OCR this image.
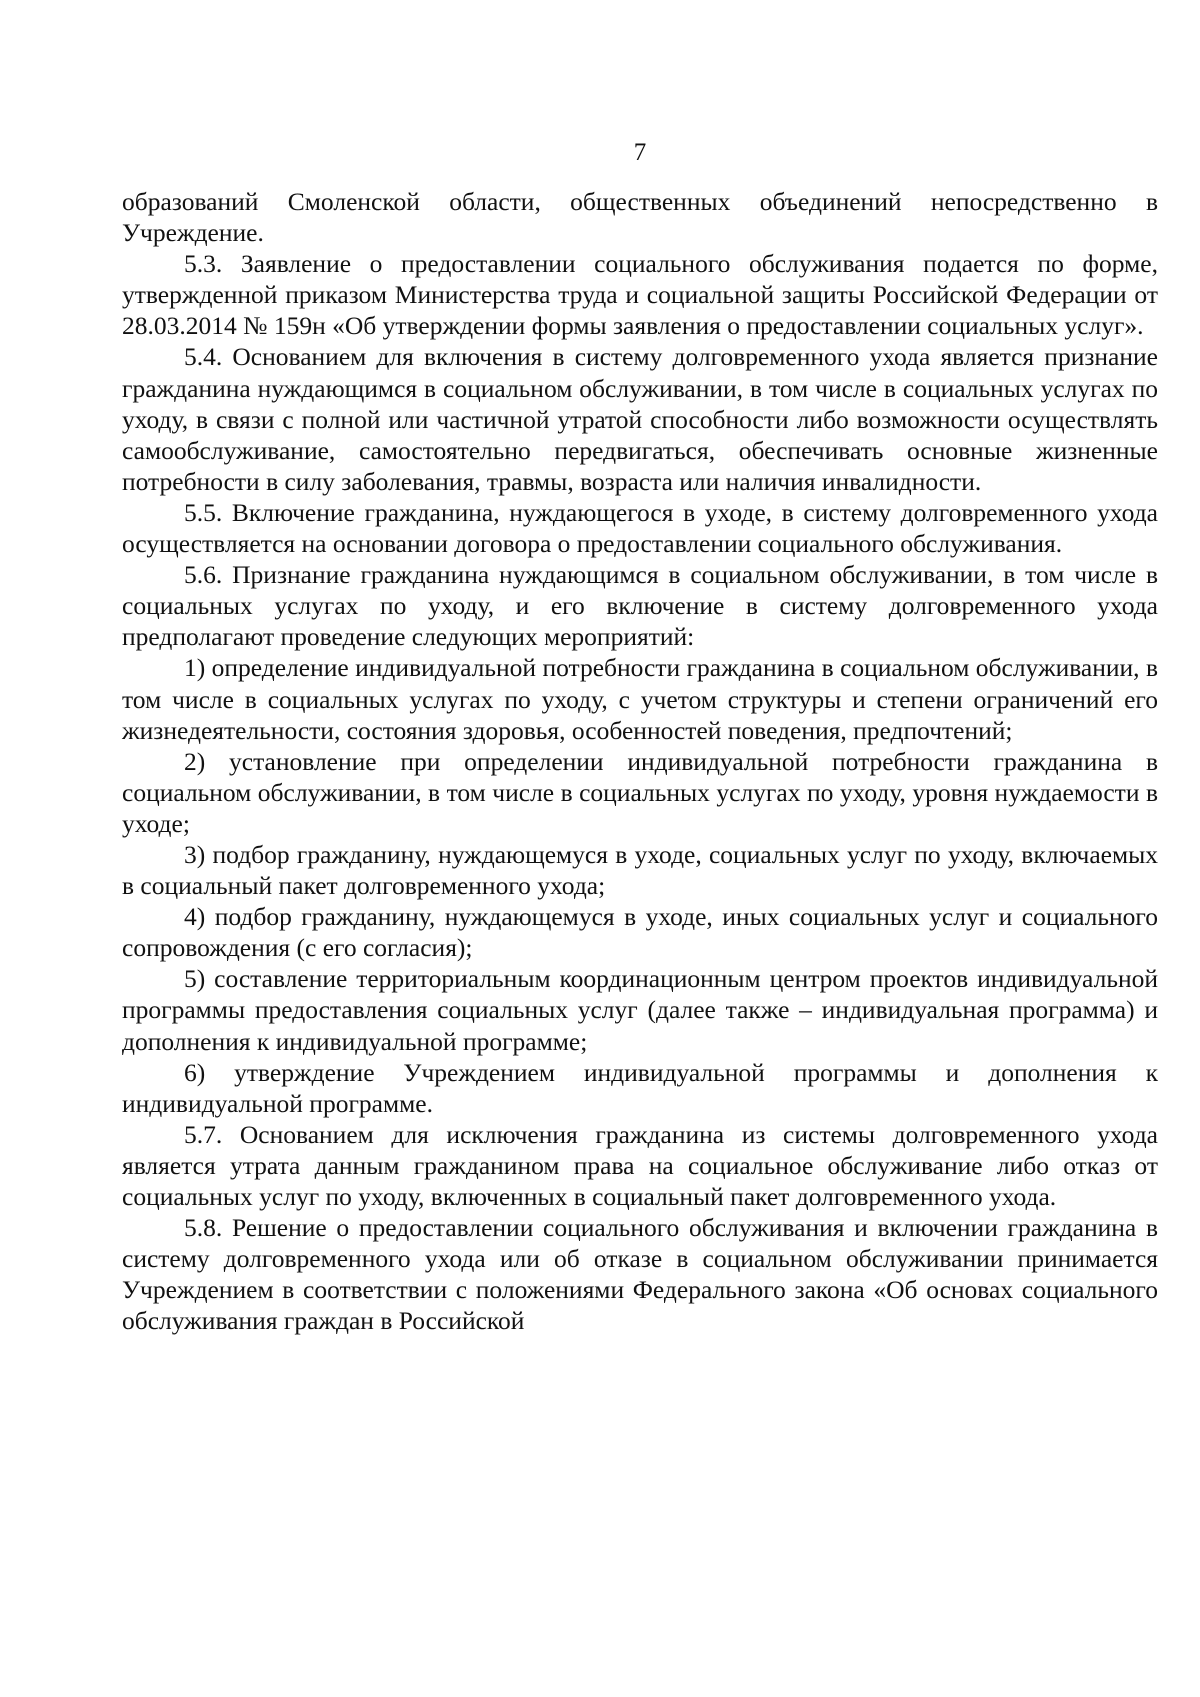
7

образований Смоленской области, общественных объединений непосредственно в Учреждение.

5.3. Заявление о предоставлении социального обслуживания подается по форме, утвержденной приказом Министерства труда и социальной защиты Российской Федерации от 28.03.2014 № 159н «Об утверждении формы заявления о предоставлении социальных услуг».

5.4. Основанием для включения в систему долговременного ухода является признание гражданина нуждающимся в социальном обслуживании, в том числе в социальных услугах по уходу, в связи с полной или частичной утратой способности либо возможности осуществлять самообслуживание, самостоятельно передвигаться, обеспечивать основные жизненные потребности в силу заболевания, травмы, возраста или наличия инвалидности.

5.5. Включение гражданина, нуждающегося в уходе, в систему долговременного ухода осуществляется на основании договора о предоставлении социального обслуживания.

5.6. Признание гражданина нуждающимся в социальном обслуживании, в том числе в социальных услугах по уходу, и его включение в систему долговременного ухода предполагают проведение следующих мероприятий:

1) определение индивидуальной потребности гражданина в социальном обслуживании, в том числе в социальных услугах по уходу, с учетом структуры и степени ограничений его жизнедеятельности, состояния здоровья, особенностей поведения, предпочтений;

2) установление при определении индивидуальной потребности гражданина в социальном обслуживании, в том числе в социальных услугах по уходу, уровня нуждаемости в уходе;

3) подбор гражданину, нуждающемуся в уходе, социальных услуг по уходу, включаемых в социальный пакет долговременного ухода;

4) подбор гражданину, нуждающемуся в уходе, иных социальных услуг и социального сопровождения (с его согласия);

5) составление территориальным координационным центром проектов индивидуальной программы предоставления социальных услуг (далее также – индивидуальная программа) и дополнения к индивидуальной программе;

6) утверждение Учреждением индивидуальной программы и дополнения к индивидуальной программе.

5.7. Основанием для исключения гражданина из системы долговременного ухода является утрата данным гражданином права на социальное обслуживание либо отказ от социальных услуг по уходу, включенных в социальный пакет долговременного ухода.

5.8. Решение о предоставлении социального обслуживания и включении гражданина в систему долговременного ухода или об отказе в социальном обслуживании принимается Учреждением в соответствии с положениями Федерального закона «Об основах социального обслуживания граждан в Российской
